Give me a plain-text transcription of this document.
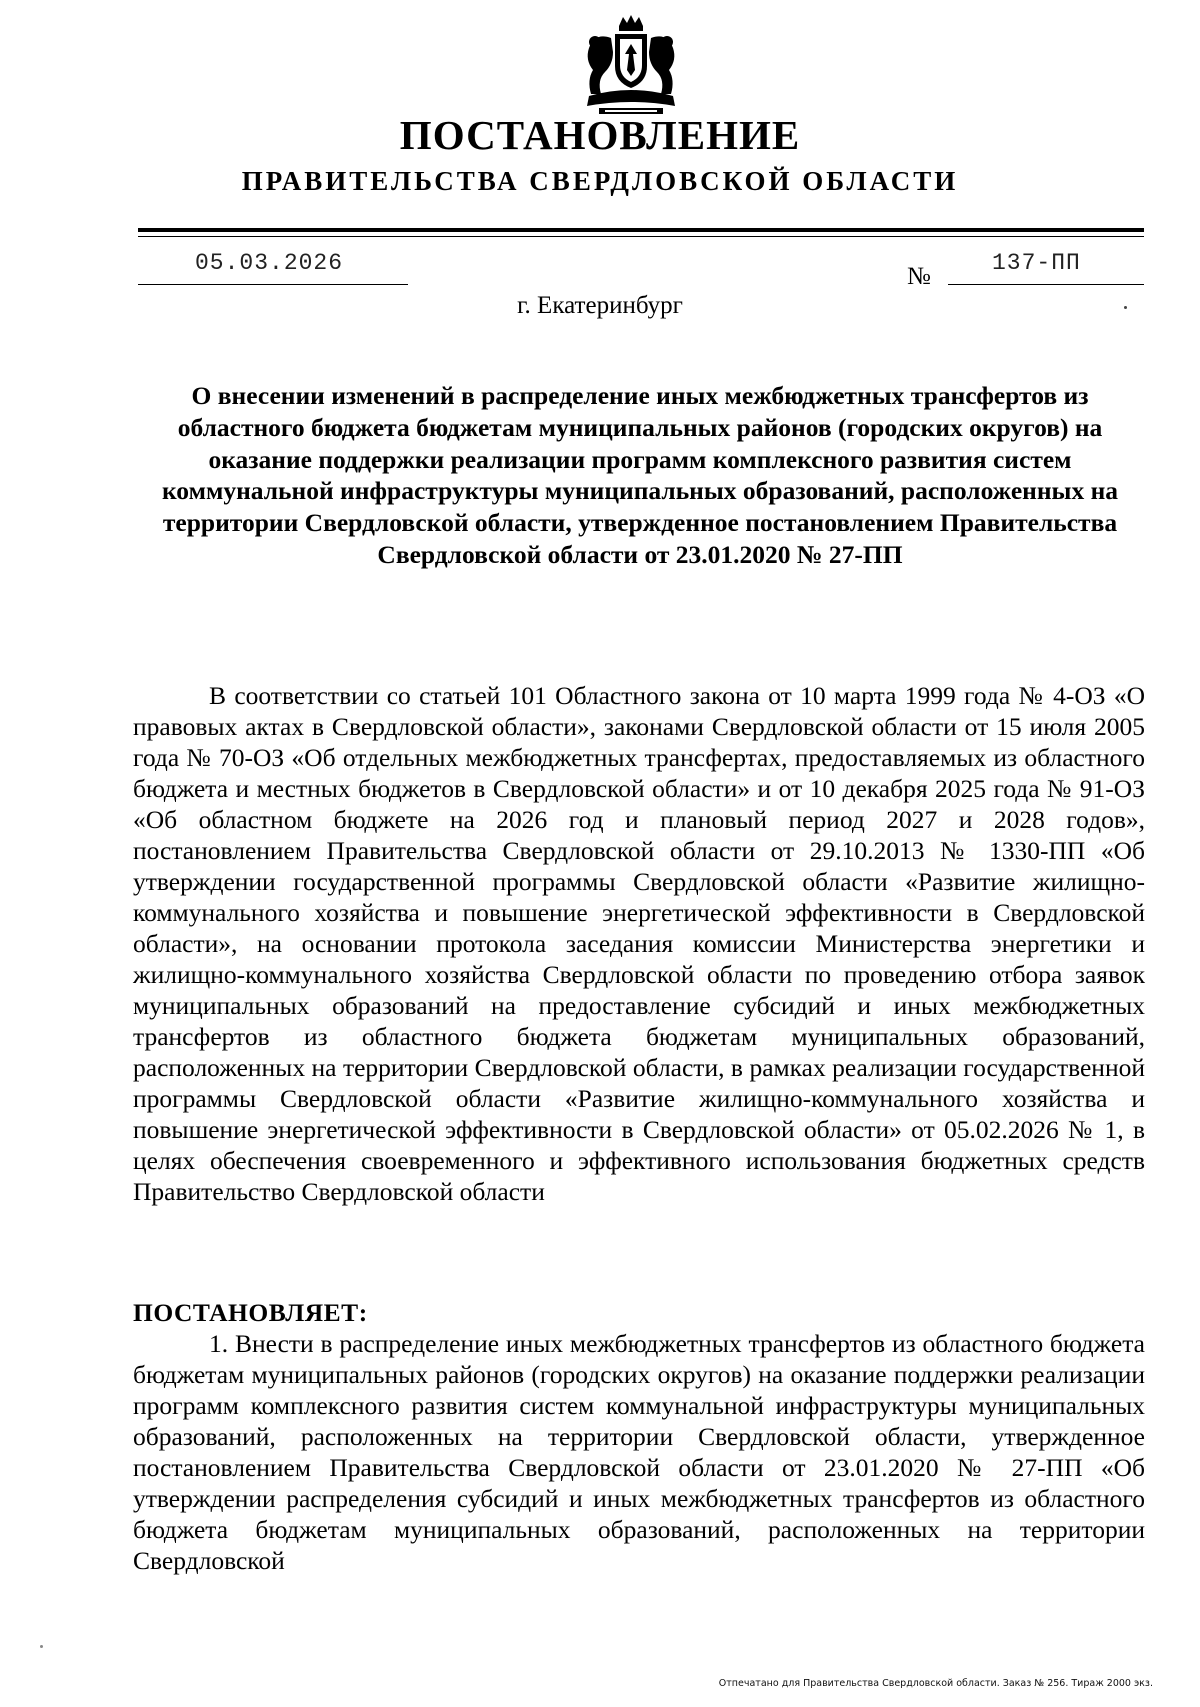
ПОСТАНОВЛЕНИЕ
ПРАВИТЕЛЬСТВА СВЕРДЛОВСКОЙ ОБЛАСТИ
05.03.2026	№	137-ПП
г. Екатеринбург
О внесении изменений в распределение иных межбюджетных трансфертов из областного бюджета бюджетам муниципальных районов (городских округов) на оказание поддержки реализации программ комплексного развития систем коммунальной инфраструктуры муниципальных образований, расположенных на территории Свердловской области, утвержденное постановлением Правительства Свердловской области от 23.01.2020 № 27-ПП
В соответствии со статьей 101 Областного закона от 10 марта 1999 года № 4-ОЗ «О правовых актах в Свердловской области», законами Свердловской области от 15 июля 2005 года № 70-ОЗ «Об отдельных межбюджетных трансфертах, предоставляемых из областного бюджета и местных бюджетов в Свердловской области» и от 10 декабря 2025 года № 91-ОЗ «Об областном бюджете на 2026 год и плановый период 2027 и 2028 годов», постановлением Правительства Свердловской области от 29.10.2013 № 1330-ПП «Об утверждении государственной программы Свердловской области «Развитие жилищно-коммунального хозяйства и повышение энергетической эффективности в Свердловской области», на основании протокола заседания комиссии Министерства энергетики и жилищно-коммунального хозяйства Свердловской области по проведению отбора заявок муниципальных образований на предоставление субсидий и иных межбюджетных трансфертов из областного бюджета бюджетам муниципальных образований, расположенных на территории Свердловской области, в рамках реализации государственной программы Свердловской области «Развитие жилищно-коммунального хозяйства и повышение энергетической эффективности в Свердловской области» от 05.02.2026 № 1, в целях обеспечения своевременного и эффективного использования бюджетных средств Правительство Свердловской области
ПОСТАНОВЛЯЕТ:
1. Внести в распределение иных межбюджетных трансфертов из областного бюджета бюджетам муниципальных районов (городских округов) на оказание поддержки реализации программ комплексного развития систем коммунальной инфраструктуры муниципальных образований, расположенных на территории Свердловской области, утвержденное постановлением Правительства Свердловской области от 23.01.2020 № 27-ПП «Об утверждении распределения субсидий и иных межбюджетных трансфертов из областного бюджета бюджетам муниципальных образований, расположенных на территории Свердловской
Отпечатано для Правительства Свердловской области. Заказ № 256. Тираж 2000 экз.
